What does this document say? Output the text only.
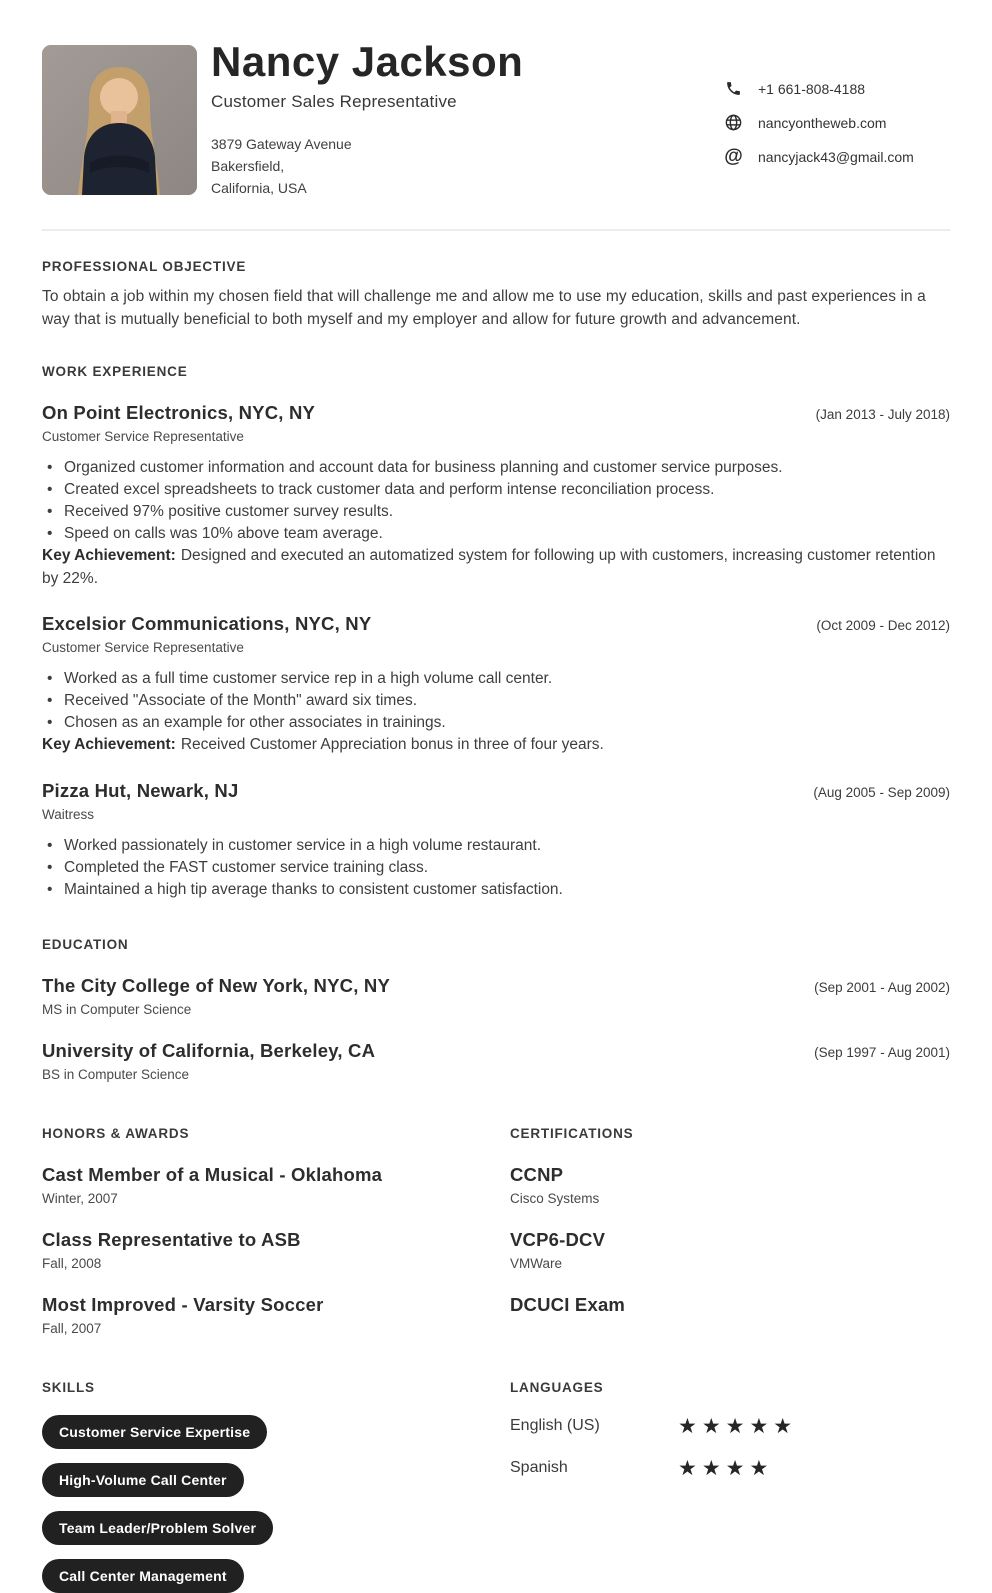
Nancy Jackson
Customer Sales Representative
3879 Gateway Avenue
Bakersfield,
California, USA
+1 661-808-4188
nancyontheweb.com
@ nancyjack43@gmail.com
PROFESSIONAL OBJECTIVE

To obtain a job within my chosen field that will challenge me and allow me to use my education, skills and past experiences in a way that is mutually beneficial to both myself and my employer and allow for future growth and advancement.

WORK EXPERIENCE
On Point Electronics, NYC, NY	(Jan 2013 - July 2018)
Customer Service Representative
• Organized customer information and account data for business planning and customer service purposes.
• Created excel spreadsheets to track customer data and perform intense reconciliation process.
• Received 97% positive customer survey results.
• Speed on calls was 10% above team average.

Key Achievement: Designed and executed an automatized system for following up with customers, increasing customer retention by 22%.

Excelsior Communications, NYC, NY	(Oct 2009 - Dec 2012)
Customer Service Representative
• Worked as a full time customer service rep in a high volume call center.
• Received "Associate of the Month" award six times.
• Chosen as an example for other associates in trainings.

Key Achievement: Received Customer Appreciation bonus in three of four years.

Pizza Hut, Newark, NJ	(Aug 2005 - Sep 2009)
Waitress
• Worked passionately in customer service in a high volume restaurant.
• Completed the FAST customer service training class.
• Maintained a high tip average thanks to consistent customer satisfaction.
EDUCATION
The City College of New York, NYC, NY	(Sep 2001 - Aug 2002)
MS in Computer Science
University of California, Berkeley, CA	(Sep 1997 - Aug 2001)
BS in Computer Science
HONORS & AWARDS
Cast Member of a Musical - Oklahoma
Winter, 2007
Class Representative to ASB
Fall, 2008
Most Improved - Varsity Soccer
Fall, 2007
CERTIFICATIONS
CCNP
Cisco Systems
VCP6-DCV
VMWare
DCUCI Exam
SKILLS
Customer Service Expertise
High-Volume Call Center
Team Leader/Problem Solver
Call Center Management
LANGUAGES
English (US)	★★★★★
Spanish	★★★★
